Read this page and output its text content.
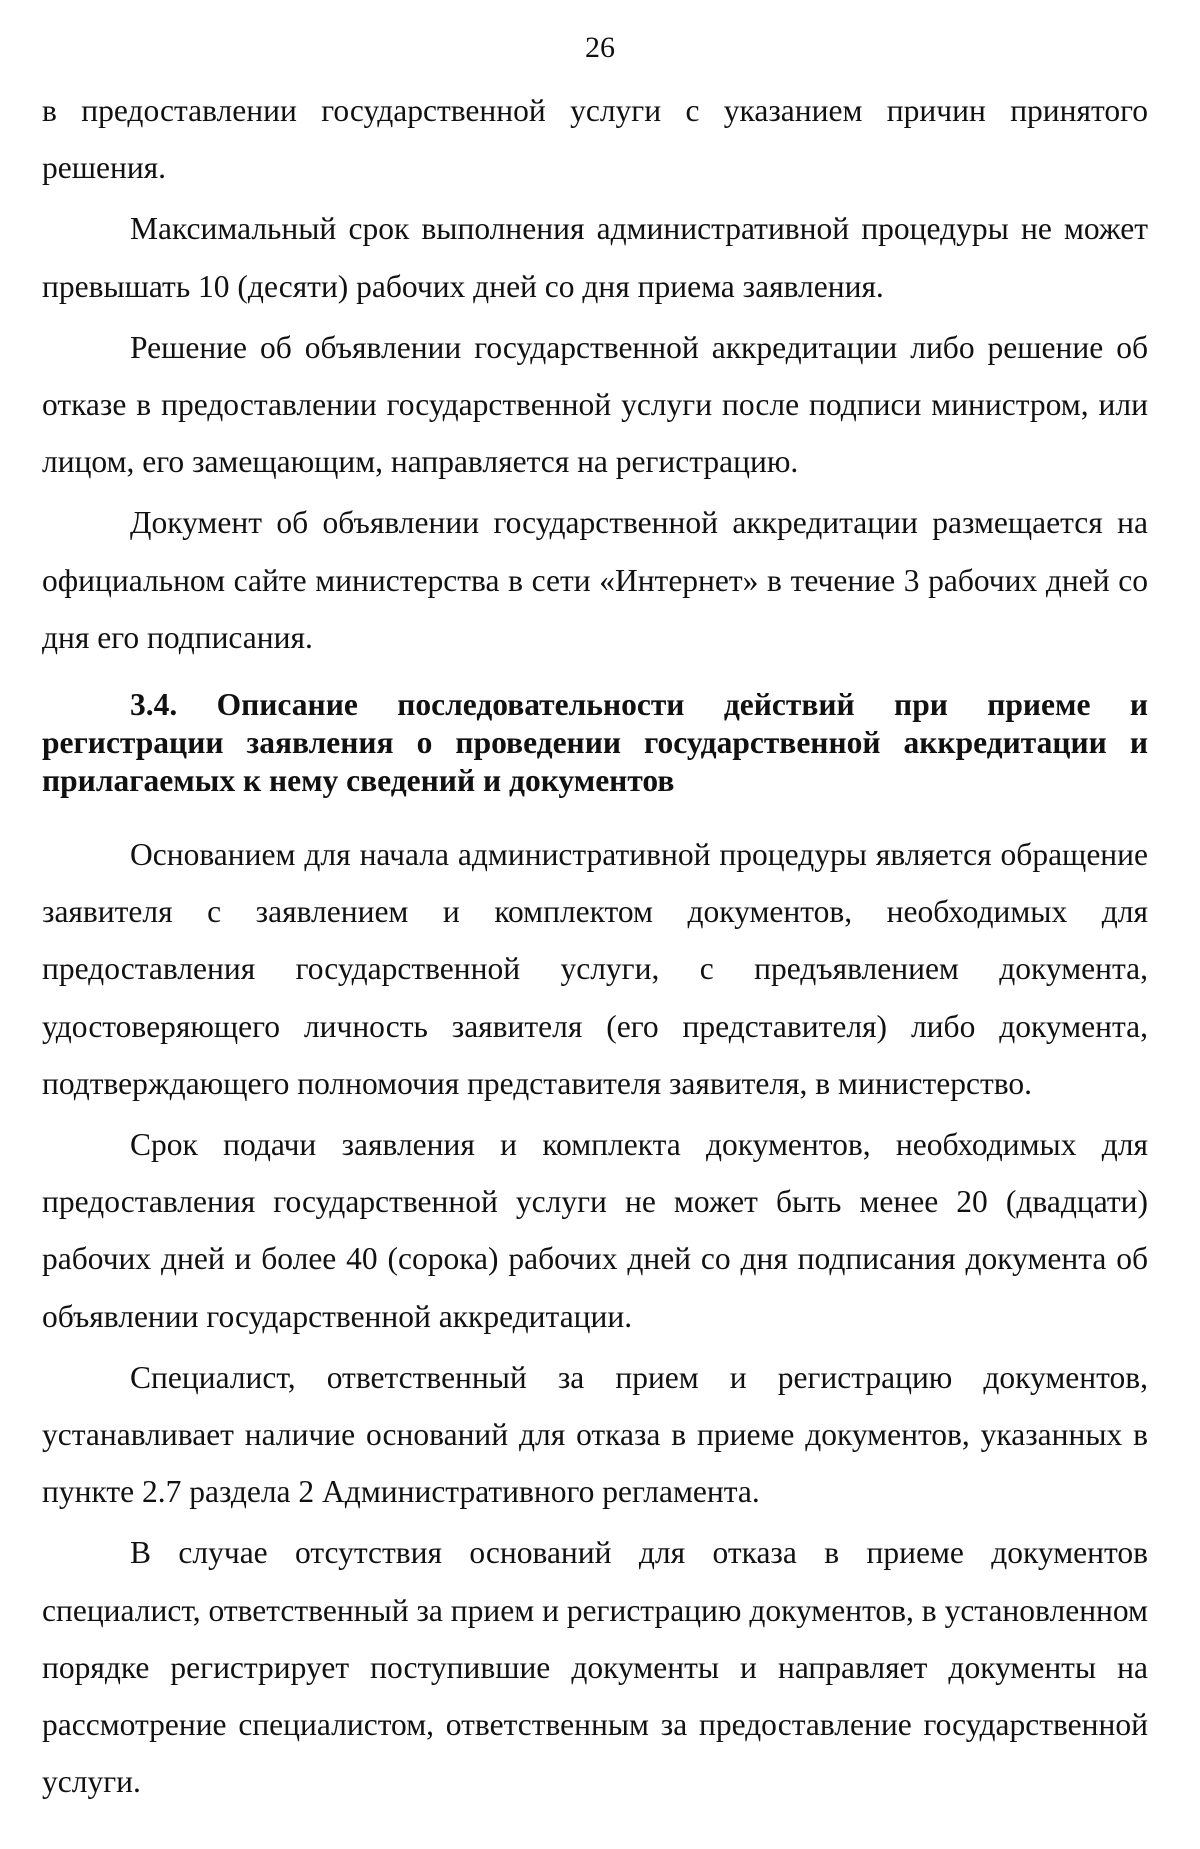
26

в предоставлении государственной услуги с указанием причин принятого решения.

Максимальный срок выполнения административной процедуры не может превышать 10 (десяти) рабочих дней со дня приема заявления.

Решение об объявлении государственной аккредитации либо решение об отказе в предоставлении государственной услуги после подписи министром, или лицом, его замещающим, направляется на регистрацию.

Документ об объявлении государственной аккредитации размещается на официальном сайте министерства в сети «Интернет» в течение 3 рабочих дней со дня его подписания.

3.4. Описание последовательности действий при приеме и регистрации заявления о проведении государственной аккредитации и прилагаемых к нему сведений и документов

Основанием для начала административной процедуры является обращение заявителя с заявлением и комплектом документов, необходимых для предоставления государственной услуги, с предъявлением документа, удостоверяющего личность заявителя (его представителя) либо документа, подтверждающего полномочия представителя заявителя, в министерство.

Срок подачи заявления и комплекта документов, необходимых для предоставления государственной услуги не может быть менее 20 (двадцати) рабочих дней и более 40 (сорока) рабочих дней со дня подписания документа об объявлении государственной аккредитации.

Специалист, ответственный за прием и регистрацию документов, устанавливает наличие оснований для отказа в приеме документов, указанных в пункте 2.7 раздела 2 Административного регламента.

В случае отсутствия оснований для отказа в приеме документов специалист, ответственный за прием и регистрацию документов, в установленном порядке регистрирует поступившие документы и направляет документы на рассмотрение специалистом, ответственным за предоставление государственной услуги.
